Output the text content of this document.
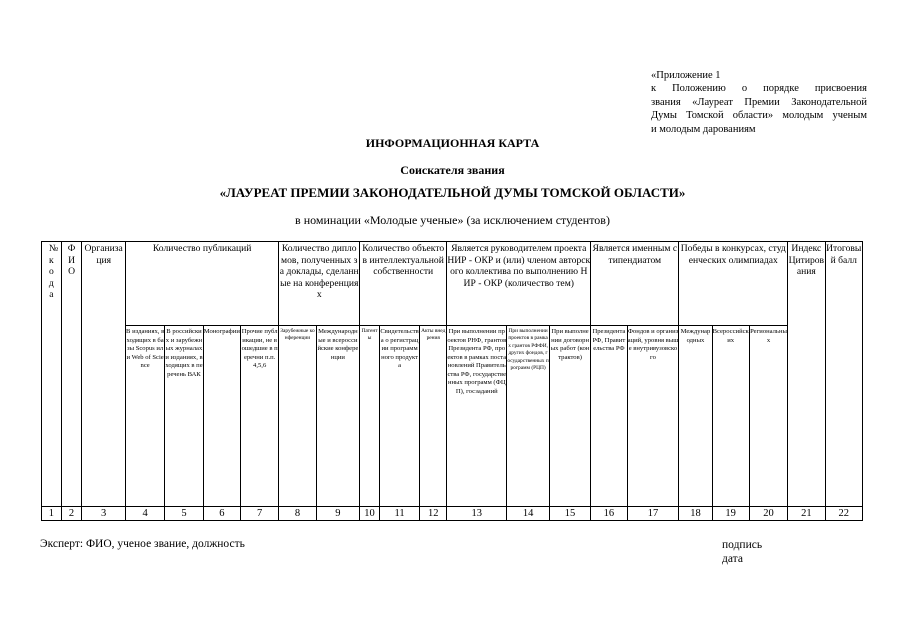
«Приложение 1
к Положению о порядке присвоения
звания «Лауреат Премии Законодательной
Думы Томской области» молодым ученым
и молодым дарованиям
ИНФОРМАЦИОННАЯ КАРТА
Соискателя звания
«ЛАУРЕАТ ПРЕМИИ ЗАКОНОДАТЕЛЬНОЙ ДУМЫ ТОМСКОЙ ОБЛАСТИ»
в номинации «Молодые ученые» (за исключением студентов)
№ кода	ФИО	Организация	Количество публикаций				Количество дипломов, полученных за доклады, сделанные на конференциях		Количество объектов интеллектуальной собственности			Является руководителем проекта НИР - ОКР и (или) членом авторского коллектива по выполнению НИР - ОКР (количество тем)			Является именным стипендиатом		Победы в конкурсах, студенческих олимпиадах			Индекс Цитирования	Итоговый балл

			В изданиях, входящих в базы Scopus или Web of Science	В российских и зарубежных журналах и изданиях, входящих в перечень ВАК	Монографии	Прочие публикации, не вошедшие в перечни п.п. 4,5,6	Зарубежные конференции	Международные и всероссийские конференции	Патенты	Свидетельства о регистрации программного продукта	Акты внедрения	При выполнении проектов РНФ, грантов Президента РФ, проектов в рамках постановлений Правительства РФ, государственных программ (ФЦП), госзаданий	При выполнении проектов в рамках грантов РФФИ, других фондов, государственных программ (РЦП)	При выполнении договорных работ (контрактов)	Президента РФ, Правительства РФ	Фондов и организаций, уровня выше внутривузовского	Международных	Всероссийских	Региональных		

1	2	3	4	5	6	7	8	9	10	11	12	13	14	15	16	17	18	19	20	21	22
Эксперт: ФИО, ученое звание, должность	подпись
дата
